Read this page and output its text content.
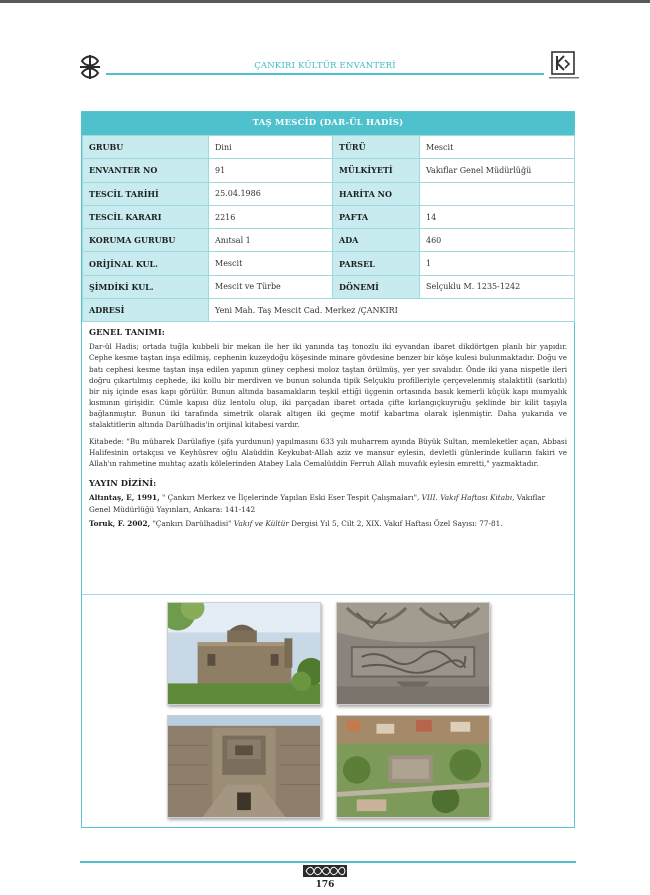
ÇANKIRI KÜLTÜR ENVANTERİ
TAŞ MESCİD (DAR-ÜL HADİS)
GRUBU	Dini	TÜRÜ	Mescit
ENVANTER NO	91	MÜLKİYETİ	Vakıflar Genel Müdürlüğü
TESCİL TARİHİ	25.04.1986	HARİTA NO	
TESCİL KARARI	2216	PAFTA	14
KORUMA GURUBU	Anıtsal 1	ADA	460
ORİJİNAL KUL.	Mescit	PARSEL	1
ŞİMDİKİ KUL.	Mescit ve Türbe	DÖNEMİ	Selçuklu M. 1235-1242
ADRESİ	Yeni Mah. Taş Mescit Cad. Merkez /ÇANKIRI		
GENEL TANIMI:

Dar-ül Hadis; ortada tuğla kubbeli bir mekan ile her iki yanında taş tonozlu iki eyvandan ibaret dikdörtgen planlı bir yapıdır. Cephe kesme taştan inşa edilmiş, cephenin kuzeydoğu köşesinde minare gövdesine benzer bir köşe kulesi bulunmaktadır. Doğu ve batı cephesi kesme taştan inşa edilen yapının güney cephesi moloz taştan örülmüş, yer yer sıvalıdır. Önde iki yana nispetle ileri doğru çıkartılmış cephede, iki kollu bir merdiven ve bunun solunda tipik Selçuklu profilleriyle çerçevelenmiş stalaktitli (sarkıtlı) bir niş içinde esas kapı görülür. Bunun altında basamakların teşkil ettiği üçgenin ortasında basık kemerli küçük kapı mumyalık kısmının girişidir. Cümle kapısı düz lentolu olup, iki parçadan ibaret ortada çifte kırlangıçkuyruğu şeklinde bir kilit taşıyla bağlanmıştır. Bunun iki tarafında simetrik olarak altıgen iki geçme motif kabartma olarak işlenmiştir. Daha yukarıda ve stalaktitlerin altında Darülhadis'in orijinal kitabesi vardır.

Kitabede: "Bu mübarek Darülafiye (şifa yurdunun) yapılmasını 633 yılı muharrem ayında Büyük Sultan, memleketler açan, Abbasi Halifesinin ortakçısı ve Keyhüsrev oğlu Alaüddin Keykubat-Allah aziz ve mansur eylesin, devletli günlerinde kulların fakiri ve Allah'ın rahmetine muhtaç azatlı kölelerinden Atabey Lala Cemalüddin Ferruh Allah muvafık eylesin emretti," yazmaktadır.

YAYIN DİZİNİ:
Altıntaş, E, 1991, " Çankırı Merkez ve İlçelerinde Yapılan Eski Eser Tespit Çalışmaları", VIII. Vakıf Haftası Kitabı, Vakıflar Genel Müdürlüğü Yayınları, Ankara: 141-142
Toruk, F. 2002, "Çankırı Darülhadisi" Vakıf ve Kültür Dergisi Yıl 5, Cilt 2, XIX. Vakıf Haftası Özel Sayısı: 77-81.
176
